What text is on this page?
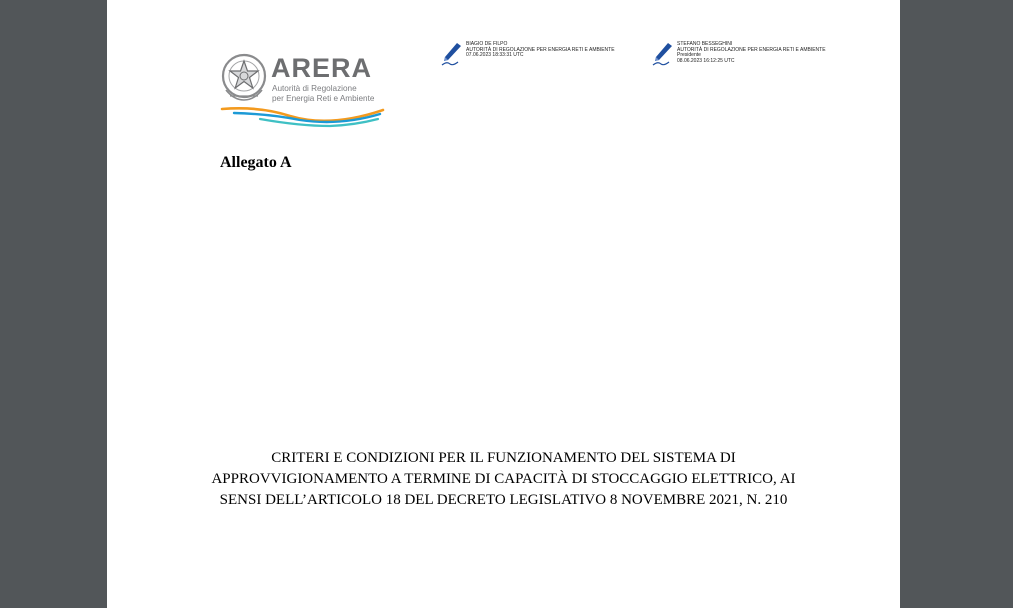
ARERA
Autorità di Regolazione
per Energia Reti e Ambiente
BIAGIO DE FILPO
AUTORITÀ DI REGOLAZIONE PER ENERGIA RETI E AMBIENTE
07.06.2023 18:33:31 UTC
STEFANO BESSEGHINI
AUTORITÀ DI REGOLAZIONE PER ENERGIA RETI E AMBIENTE
Presidente
08.06.2023 16:12:25 UTC
Allegato A
CRITERI E CONDIZIONI PER IL FUNZIONAMENTO DEL SISTEMA DI
APPROVVIGIONAMENTO A TERMINE DI CAPACITÀ DI STOCCAGGIO ELETTRICO, AI
SENSI DELL’ARTICOLO 18 DEL DECRETO LEGISLATIVO 8 NOVEMBRE 2021, N. 210
